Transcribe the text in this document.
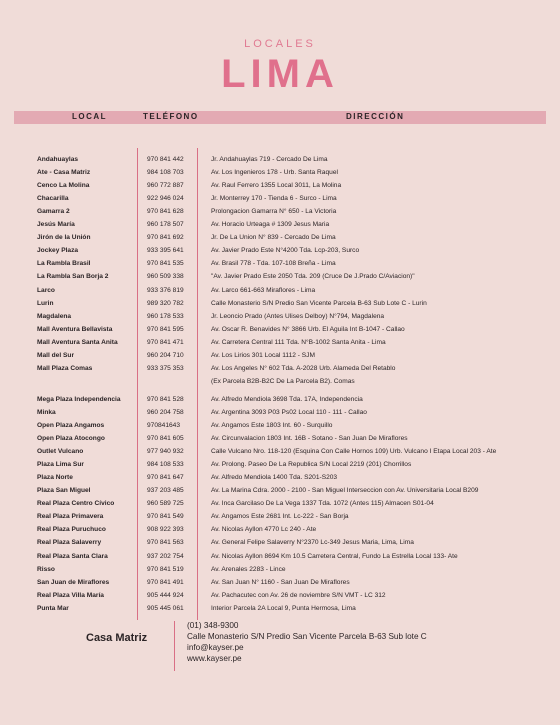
LOCALES
LIMA
LOCAL	TELÉFONO	DIRECCIÓN
Andahuaylas	970 841 442	Jr. Andahuaylas 719 - Cercado De Lima
Ate - Casa Matriz	984 108 703	Av. Los Ingenieros 178 - Urb. Santa Raquel
Cenco La Molina	960 772 887	Av. Raul Ferrero 1355 Local 3011, La Molina
Chacarilla	922 946 024	Jr. Monterrey 170 - Tienda 6 - Surco - Lima
Gamarra 2	970 841 628	Prolongacion Gamarra N° 650 - La Victoria
Jesús María	960 178 507	Av. Horacio Urteaga # 1309 Jesus Maria
Jirón de la Unión	970 841 692	Jr. De La Union N° 839 - Cercado De Lima
Jockey Plaza	933 395 641	Av. Javier Prado Este N°4200 Tda. Lcp-203, Surco
La Rambla Brasil	970 841 535	Av. Brasil 778 - Tda. 107-108 Breña - Lima
La Rambla San Borja 2	960 509 338	"Av. Javier Prado Este 2050 Tda. 209 (Cruce De J.Prado C/Aviacion)"
Larco	933 376 819	Av. Larco 661-663 Miraflores - Lima
Lurin	989 320 782	Calle Monasterio S/N Predio San Vicente Parcela B-63 Sub Lote C - Lurin
Magdalena	960 178 533	Jr. Leoncio Prado (Antes Ulises Delboy) N°794, Magdalena
Mall Aventura Bellavista	970 841 595	Av. Oscar R. Benavides N° 3866 Urb. El Aguila Int B-1047 - Callao
Mall Aventura Santa Anita	970 841 471	Av. Carretera Central 111 Tda. N°B-1002 Santa Anita - Lima
Mall del Sur	960 204 710	Av. Los Lirios 301 Local 1112 - SJM
Mall Plaza Comas	933 375 353	Av. Los Angeles N° 602 Tda. A-2028 Urb. Alameda Del Retablo
(Ex Parcela B2B-B2C De La Parcela B2). Comas
Mega Plaza Independencia	970 841 528	Av. Alfredo Mendiola 3698 Tda. 17A, Independencia
Minka	960 204 758	Av. Argentina 3093 P03 Ps02 Local 110 - 111 - Callao
Open Plaza Angamos	970841643	Av. Angamos Este 1803 Int. 60 - Surquillo
Open Plaza Atocongo	970 841 605	Av. Circunvalacion 1803 Int. 16B - Sotano - San Juan De Miraflores
Outlet Vulcano	977 940 932	Calle Vulcano Nro. 118-120 (Esquina Con Calle Hornos 109) Urb. Vulcano I Etapa Local 203 - Ate
Plaza Lima Sur	984 108 533	Av. Prolong. Paseo De La Republica S/N Local 2219 (201) Chorrillos
Plaza Norte	970 841 647	Av. Alfredo Mendiola 1400 Tda. S201-S203
Plaza San Miguel	937 203 485	Av. La Marina Cdra. 2000 - 2100 - San Miguel Interseccion con Av. Universitaria Local B209
Real Plaza Centro Cívico	960 589 725	Av. Inca Garcilaso De La Vega 1337 Tda. 1072 (Antes 115) Almacen S01-04
Real Plaza Primavera	970 841 549	Av. Angamos Este 2681 Int. Lc-222 - San Borja
Real Plaza Puruchuco	908 922 393	Av. Nicolas Ayllon 4770 Lc 240 - Ate
Real Plaza Salaverry	970 841 563	Av. General Felipe Salaverry N°2370 Lc-349 Jesus Maria, Lima, Lima
Real Plaza Santa Clara	937 202 754	Av. Nicolas Ayllon 8694 Km 10.5 Carretera Central, Fundo La Estrella Local 133- Ate
Risso	970 841 519	Av. Arenales 2283 - Lince
San Juan de Miraflores	970 841 491	Av. San Juan N° 1160 - San Juan De Miraflores
Real Plaza Villa María	905 444 924	Av. Pachacutec con Av. 26 de noviembre S/N VMT - LC 312
Punta Mar	905 445 061	Interior Parcela 2A Local 9, Punta Hermosa, Lima
Casa Matriz
(01) 348-9300
Calle Monasterio S/N Predio San Vicente Parcela B-63 Sub lote C
info@kayser.pe
www.kayser.pe
